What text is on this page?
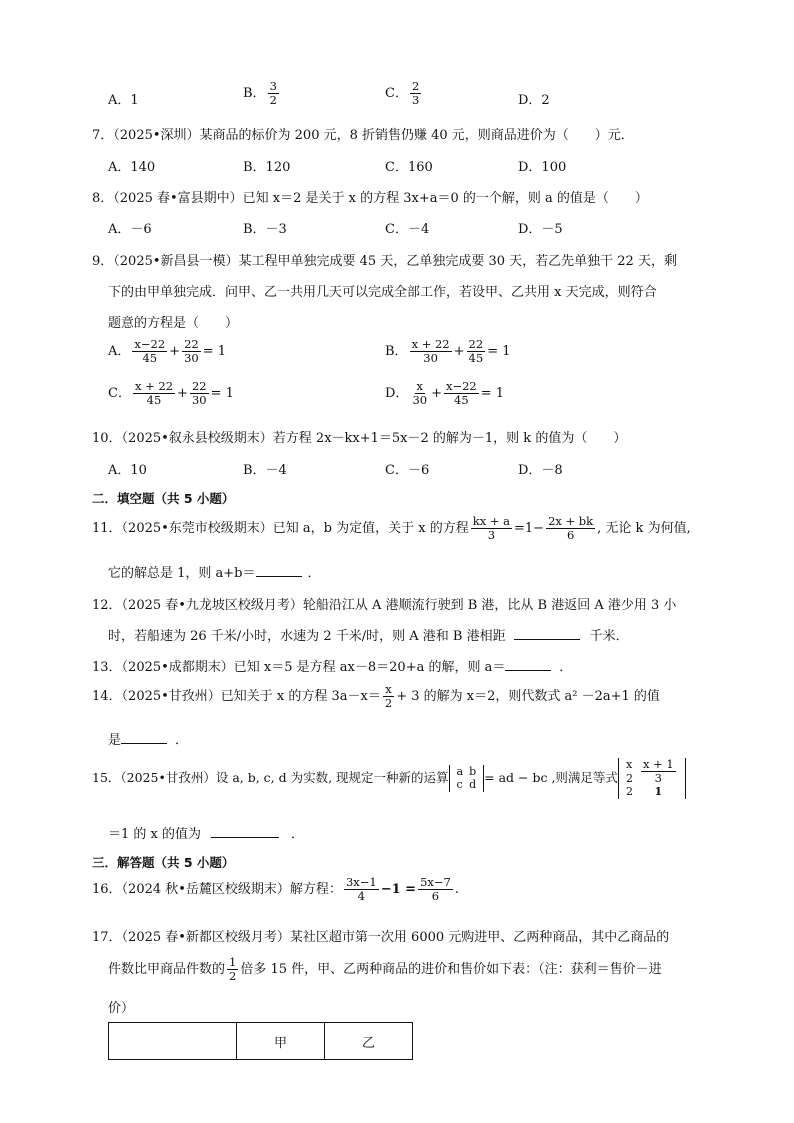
A．1	B． $\frac{3}{2}$	C． $\frac{2}{3}$	D．2
7．（2025•深圳）某商品的标价为 200 元，8 折销售仍赚 40 元，则商品进价为（　　）元．
A．140	B．120	C．160	D．100
8．（2025 春•富县期中）已知 x＝2 是关于 x 的方程 3x+a＝0 的一个解，则 a 的值是（　　）
A．－6	B．－3	C．－4	D．－5
9．（2025•新昌县一模）某工程甲单独完成要 45 天，乙单独完成要 30 天，若乙先单独干 22 天，剩
下的由甲单独完成．问甲、乙一共用几天可以完成全部工作，若设甲、乙共用 x 天完成，则符合
题意的方程是（　　）
A． $\frac{x-22}{45} + \frac{22}{30} = 1$	B． $\frac{x + 22}{30} + \frac{22}{45} = 1$
C． $\frac{x + 22}{45} + \frac{22}{30} = 1$	D． $\frac{x}{30} + \frac{x-22}{45} = 1$
10．（2025•叙永县校级期末）若方程 2x－kx+1＝5x－2 的解为－1，则 k 的值为（　　）
A．10	B．－4	C．－6	D．－8
二．填空题（共 5 小题）
11．（2025•东莞市校级期末）已知 a，b 为定值，关于 x 的方程 $\frac{kx + a}{3} =1- \frac{2x + bk}{6}$ , 无论 k 为何值,
它的解总是 1，则 a+b＝	．
12．（2025 春•九龙坡区校级月考）轮船沿江从 A 港顺流行驶到 B 港，比从 B 港返回 A 港少用 3 小
时，若船速为 26 千米/小时，水速为 2 千米/时，则 A 港和 B 港相距	千米．
13．（2025•成都期末）已知 x＝5 是方程 ax－8＝20+a 的解，则 a＝	．
14．（2025•甘孜州）已知关于 x 的方程 $3a-x= \frac{x}{2} + 3$ 的解为 x＝2，则代数式 a² －2a+1 的值
是	．
15．（2025•甘孜州）设 a, b, c, d 为实数, 现规定一种新的运算 a	b
c	d = ad − bc ,则满足等式
x	$\frac{x + 1}{3}$

2	
2	1
＝1 的 x 的值为	．
三．解答题（共 5 小题）
16．（2024 秋•岳麓区校级期末）解方程： $\frac{3x-1}{4} -1 = \frac{5x-7}{6}$ .
17．（2025 春•新都区校级月考）某社区超市第一次用 6000 元购进甲、乙两种商品，其中乙商品的
件数比甲商品件数的 $\frac{1}{2}$ 倍多 15 件，甲、乙两种商品的进价和售价如下表：（注：获利＝售价－进
价）
	甲	乙
